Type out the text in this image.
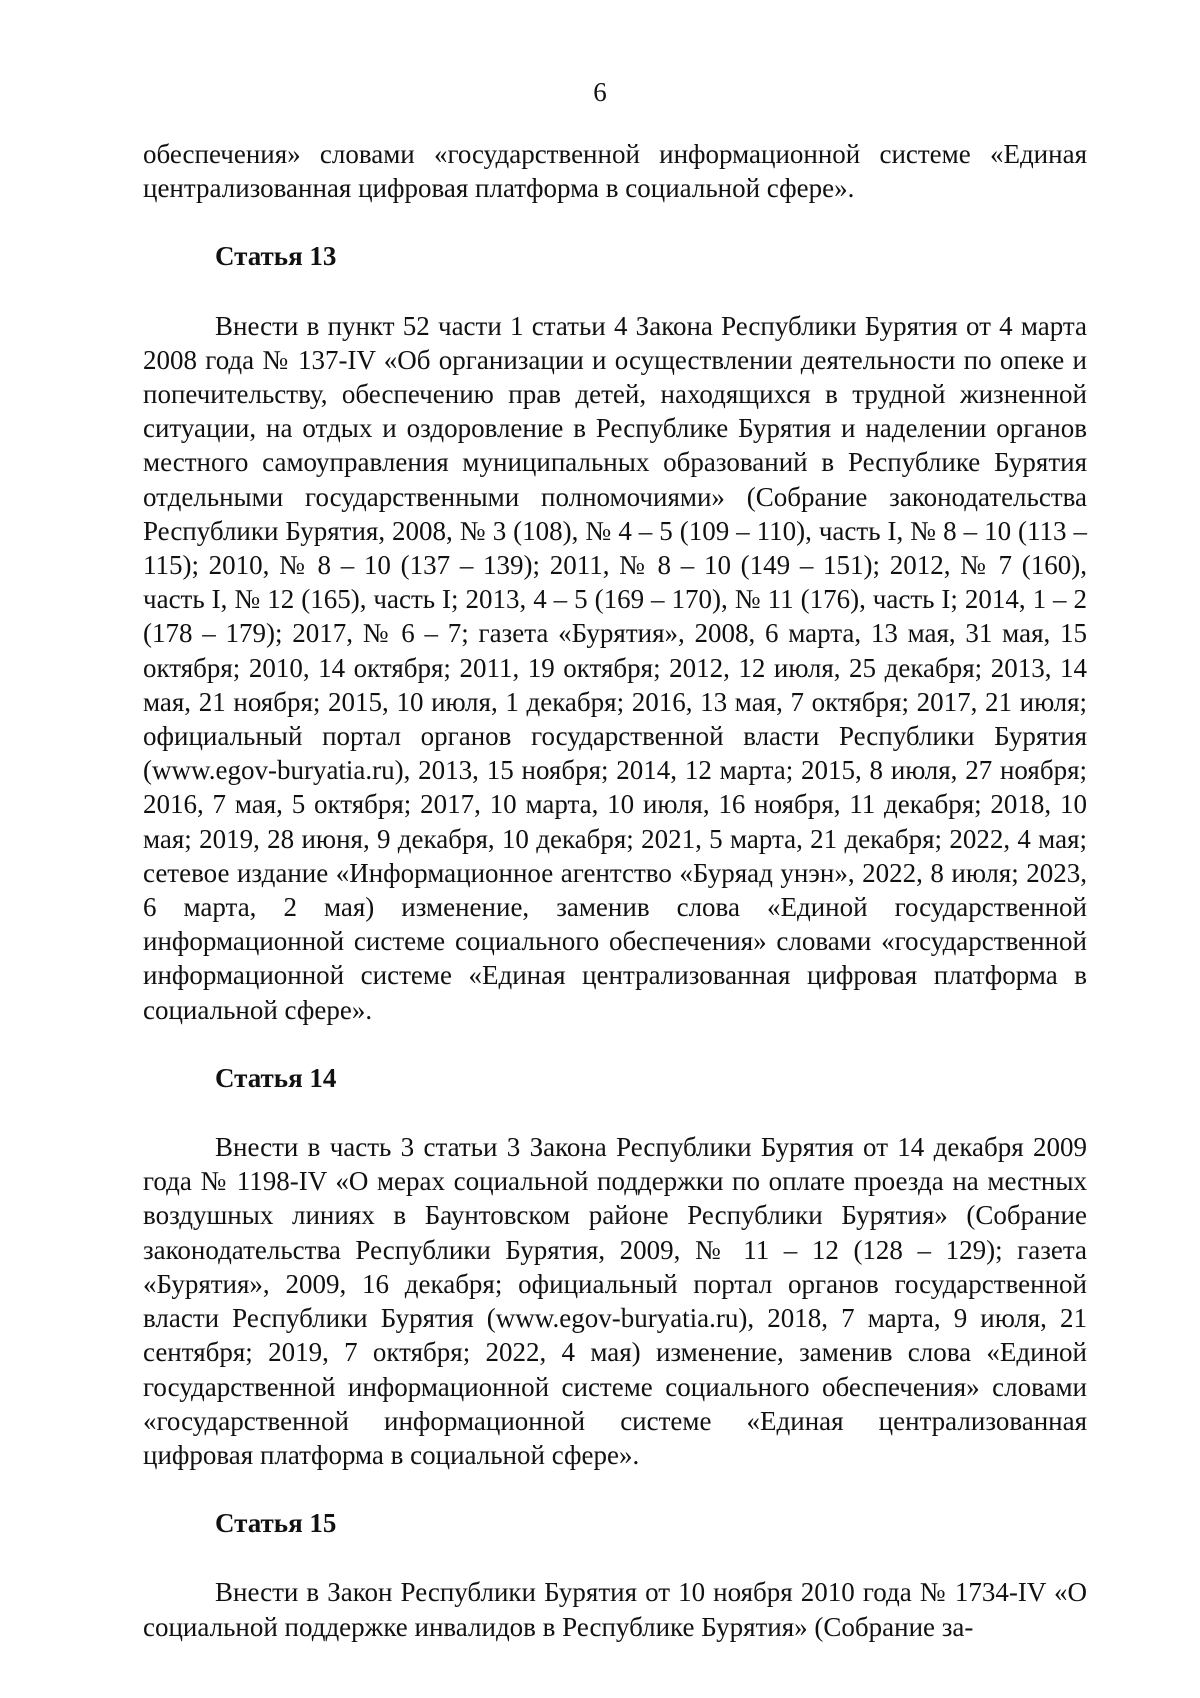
6

обеспечения» словами «государственной информационной системе «Единая централизованная цифровая платформа в социальной сфере».

Статья 13

Внести в пункт 52 части 1 статьи 4 Закона Республики Бурятия от 4 марта 2008 года № 137-IV «Об организации и осуществлении деятельности по опеке и попечительству, обеспечению прав детей, находящихся в трудной жизненной ситуации, на отдых и оздоровление в Республике Бурятия и наделении органов местного самоуправления муниципальных образований в Республике Бурятия отдельными государственными полномочиями» (Собрание законодательства Республики Бурятия, 2008, № 3 (108), № 4 – 5 (109 – 110), часть I, № 8 – 10 (113 – 115); 2010, № 8 – 10 (137 – 139); 2011, № 8 – 10 (149 – 151); 2012, № 7 (160), часть I, № 12 (165), часть I; 2013, 4 – 5 (169 – 170), № 11 (176), часть I; 2014, 1 – 2 (178 – 179); 2017, № 6 – 7; газета «Бурятия», 2008, 6 марта, 13 мая, 31 мая, 15 октября; 2010, 14 октября; 2011, 19 октября; 2012, 12 июля, 25 декабря; 2013, 14 мая, 21 ноября; 2015, 10 июля, 1 декабря; 2016, 13 мая, 7 октября; 2017, 21 июля; официальный портал органов государственной власти Республики Бурятия (www.egov-buryatia.ru), 2013, 15 ноября; 2014, 12 марта; 2015, 8 июля, 27 ноября; 2016, 7 мая, 5 октября; 2017, 10 марта, 10 июля, 16 ноября, 11 декабря; 2018, 10 мая; 2019, 28 июня, 9 декабря, 10 декабря; 2021, 5 марта, 21 декабря; 2022, 4 мая; сетевое издание «Информационное агентство «Буряад унэн», 2022, 8 июля; 2023, 6 марта, 2 мая) изменение, заменив слова «Единой государственной информационной системе социального обеспечения» словами «государственной информационной системе «Единая централизованная цифровая платформа в социальной сфере».

Статья 14

Внести в часть 3 статьи 3 Закона Республики Бурятия от 14 декабря 2009 года № 1198-IV «О мерах социальной поддержки по оплате проезда на местных воздушных линиях в Баунтовском районе Республики Бурятия» (Собрание законодательства Республики Бурятия, 2009, № 11 – 12 (128 – 129); газета «Бурятия», 2009, 16 декабря; официальный портал органов государственной власти Республики Бурятия (www.egov-buryatia.ru), 2018, 7 марта, 9 июля, 21 сентября; 2019, 7 октября; 2022, 4 мая) изменение, заменив слова «Единой государственной информационной системе социального обеспечения» словами «государственной информационной системе «Единая централизованная цифровая платформа в социальной сфере».

Статья 15

Внести в Закон Республики Бурятия от 10 ноября 2010 года № 1734-IV «О социальной поддержке инвалидов в Республике Бурятия» (Собрание за-
